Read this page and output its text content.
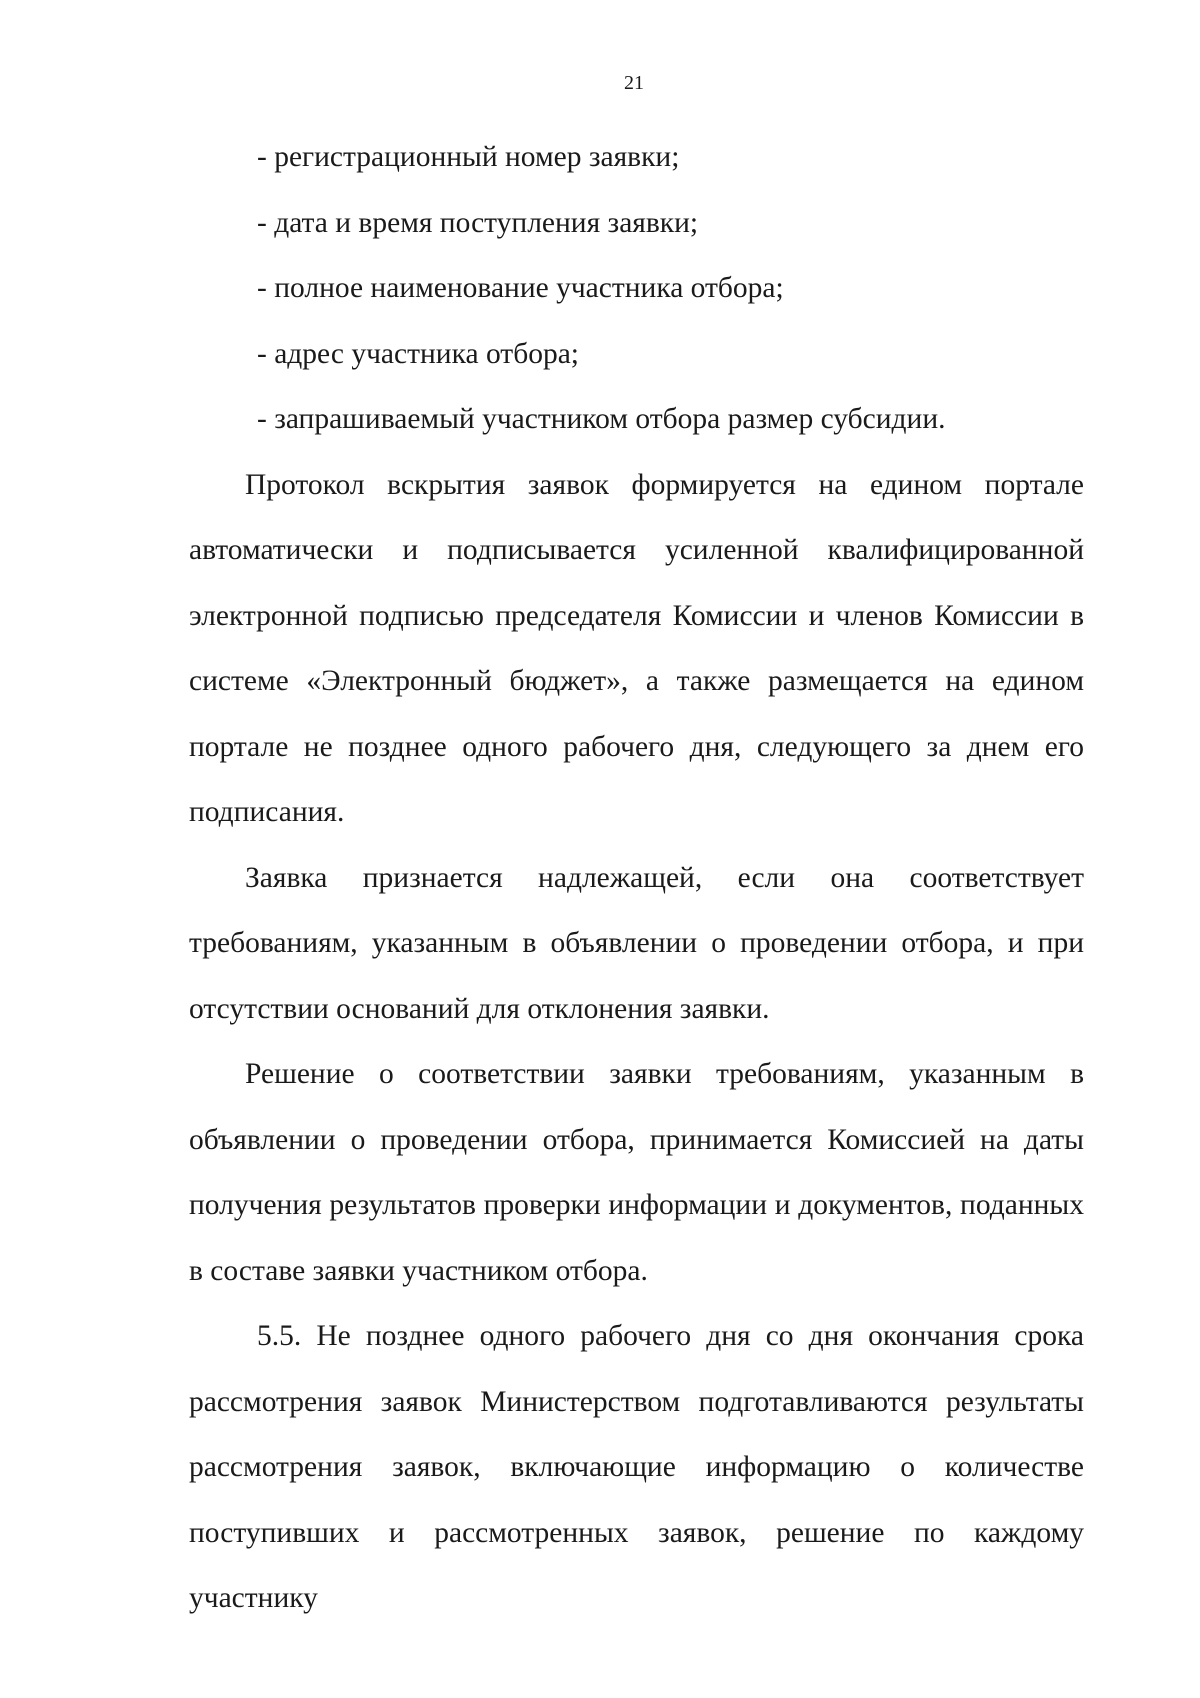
21

- регистрационный номер заявки;

- дата и время поступления заявки;

- полное наименование участника отбора;

- адрес участника отбора;

- запрашиваемый участником отбора размер субсидии.

Протокол вскрытия заявок формируется на едином портале автоматически и подписывается усиленной квалифицированной электронной подписью председателя Комиссии и членов Комиссии в системе «Электронный бюджет», а также размещается на едином портале не позднее одного рабочего дня, следующего за днем его подписания.

Заявка признается надлежащей, если она соответствует требованиям, указанным в объявлении о проведении отбора, и при отсутствии оснований для отклонения заявки.

Решение о соответствии заявки требованиям, указанным в объявлении о проведении отбора, принимается Комиссией на даты получения результатов проверки информации и документов, поданных в составе заявки участником отбора.

5.5. Не позднее одного рабочего дня со дня окончания срока рассмотрения заявок Министерством подготавливаются результаты рассмотрения заявок, включающие информацию о количестве поступивших и рассмотренных заявок, решение по каждому участнику
